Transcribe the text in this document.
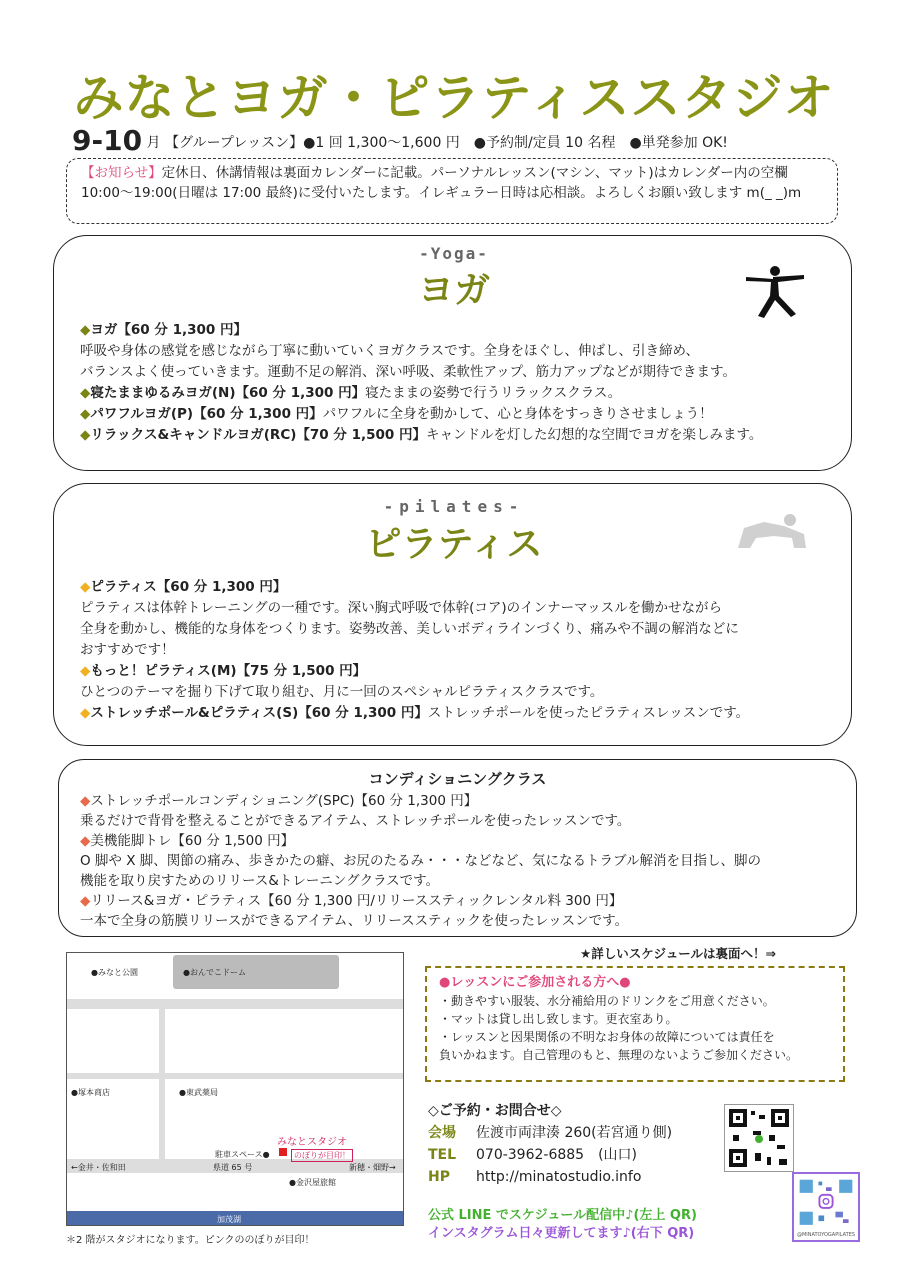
みなとヨガ・ピラティススタジオ
9-10 月 【グループレッスン】●1 回 1,300〜1,600 円　●予約制/定員 10 名程　●単発参加 OK!
【お知らせ】定休日、休講情報は裏面カレンダーに記載。パーソナルレッスン(マシン、マット)はカレンダー内の空欄 10:00〜19:00(日曜は 17:00 最終)に受付いたします。イレギュラー日時は応相談。よろしくお願い致します m(_ _)m
-Yoga-
ヨガ
◆ヨガ【60 分 1,300 円】
呼吸や身体の感覚を感じながら丁寧に動いていくヨガクラスです。全身をほぐし、伸ばし、引き締め、
バランスよく使っていきます。運動不足の解消、深い呼吸、柔軟性アップ、筋力アップなどが期待できます。
◆寝たままゆるみヨガ(N)【60 分 1,300 円】寝たままの姿勢で行うリラックスクラス。
◆パワフルヨガ(P)【60 分 1,300 円】パワフルに全身を動かして、心と身体をすっきりさせましょう！
◆リラックス&キャンドルヨガ(RC)【70 分 1,500 円】キャンドルを灯した幻想的な空間でヨガを楽しみます。
-pilates-
ピラティス
◆ピラティス【60 分 1,300 円】
ピラティスは体幹トレーニングの一種です。深い胸式呼吸で体幹(コア)のインナーマッスルを働かせながら
全身を動かし、機能的な身体をつくります。姿勢改善、美しいボディラインづくり、痛みや不調の解消などに
おすすめです！
◆もっと！ピラティス(M)【75 分 1,500 円】
ひとつのテーマを掘り下げて取り組む、月に一回のスペシャルピラティスクラスです。
◆ストレッチポール&ピラティス(S)【60 分 1,300 円】ストレッチポールを使ったピラティスレッスンです。
コンディショニングクラス
◆ストレッチポールコンディショニング(SPC)【60 分 1,300 円】
乗るだけで背骨を整えることができるアイテム、ストレッチポールを使ったレッスンです。
◆美機能脚トレ【60 分 1,500 円】
O 脚や X 脚、関節の痛み、歩きかたの癖、お尻のたるみ・・・などなど、気になるトラブル解消を目指し、脚の
機能を取り戻すためのリリース&トレーニングクラスです。
◆リリース&ヨガ・ピラティス【60 分 1,300 円/リリーススティックレンタル料 300 円】
一本で全身の筋膜リリースができるアイテム、リリーススティックを使ったレッスンです。
●みなと公園	●おんでこドーム
●塚本商店	●東武薬局
みなとスタジオ
駐車スペース●	のぼりが目印！
←金井・佐和田	県道 65 号	新穂・畑野→
●金沢屋旅館
加茂湖
＊2 階がスタジオになります。ピンクののぼりが目印！
★詳しいスケジュールは裏面へ！⇒
●レッスンにご参加される方へ●
・動きやすい服装、水分補給用のドリンクをご用意ください。
・マットは貸し出し致します。更衣室あり。
・レッスンと因果関係の不明なお身体の故障については責任を
負いかねます。自己管理のもと、無理のないようご参加ください。
◇ご予約・お問合せ◇
会場 佐渡市両津湊 260(若宮通り側)
TEL 070-3962-6885　(山口)
HP http://minatostudio.info
@MINATOYOGAPILATES
公式 LINE でスケジュール配信中♪(左上 QR)
インスタグラム日々更新してます♪(右下 QR)
